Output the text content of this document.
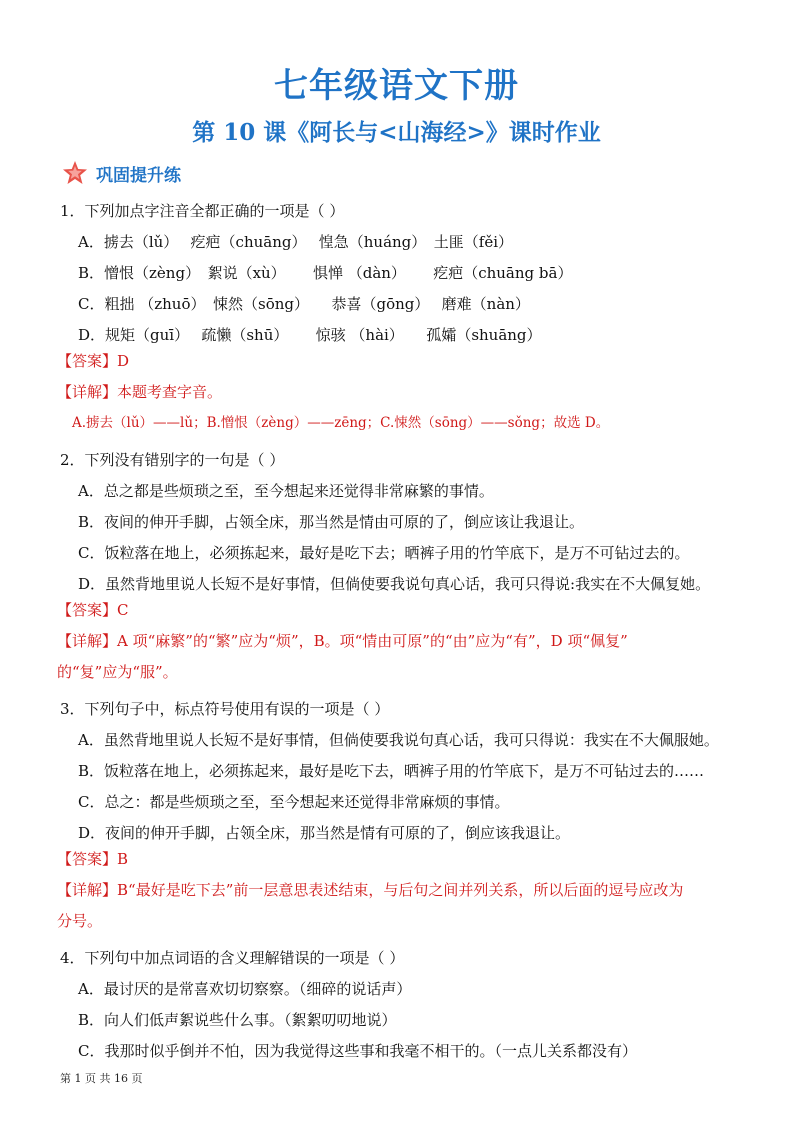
七年级语文下册
第 10 课《阿长与<山海经>》课时作业
巩固提升练
1．下列加点字注音全都正确的一项是（ ）
A．掳去（lǔ）　 疙疤（chuāng）　 惶急（huáng）　土匪（fěi）
B．憎恨（zèng）　絮说（xù）　　 惧惮 （dàn）　　 疙疤（chuāng bā）
C．粗拙 （zhuō）　悚然（sōng）　　恭喜（gōng）　 磨难（nàn）
D．规矩（guī）　 疏懒（shū）　　 惊骇 （hài）　　孤孀（shuāng）
【答案】D
【详解】本题考查字音。
A.掳去（lǔ）——lǔ；B.憎恨（zèng）——zēng；C.悚然（sōng）——sǒng；故选 D。
2．下列没有错别字的一句是（ ）
A．总之都是些烦琐之至，至今想起来还觉得非常麻繁的事情。
B．夜间的伸开手脚，占领全床，那当然是情由可原的了，倒应该让我退让。
C．饭粒落在地上，必须拣起来，最好是吃下去；晒裤子用的竹竿底下，是万不可钻过去的。
D．虽然背地里说人长短不是好事情，但倘使要我说句真心话，我可只得说:我实在不大佩复她。
【答案】C
【详解】A 项“麻繁”的“繁”应为“烦”，B。项“情由可原”的“由”应为“有”，D 项“佩复”
的“复”应为“服”。
3．下列句子中，标点符号使用有误的一项是（ ）
A．虽然背地里说人长短不是好事情，但倘使要我说句真心话，我可只得说：我实在不大佩服她。
B．饭粒落在地上，必须拣起来，最好是吃下去，晒裤子用的竹竿底下，是万不可钻过去的……
C．总之：都是些烦琐之至，至今想起来还觉得非常麻烦的事情。
D．夜间的伸开手脚，占领全床，那当然是情有可原的了，倒应该我退让。
【答案】B
【详解】B“最好是吃下去”前一层意思表述结束，与后句之间并列关系，所以后面的逗号应改为
分号。
4．下列句中加点词语的含义理解错误的一项是（ ）
A．最讨厌的是常喜欢切切察察。（细碎的说话声）
B．向人们低声絮说些什么事。（絮絮叨叨地说）
C．我那时似乎倒并不怕，因为我觉得这些事和我毫不相干的。（一点儿关系都没有）
第 1 页 共 16 页
